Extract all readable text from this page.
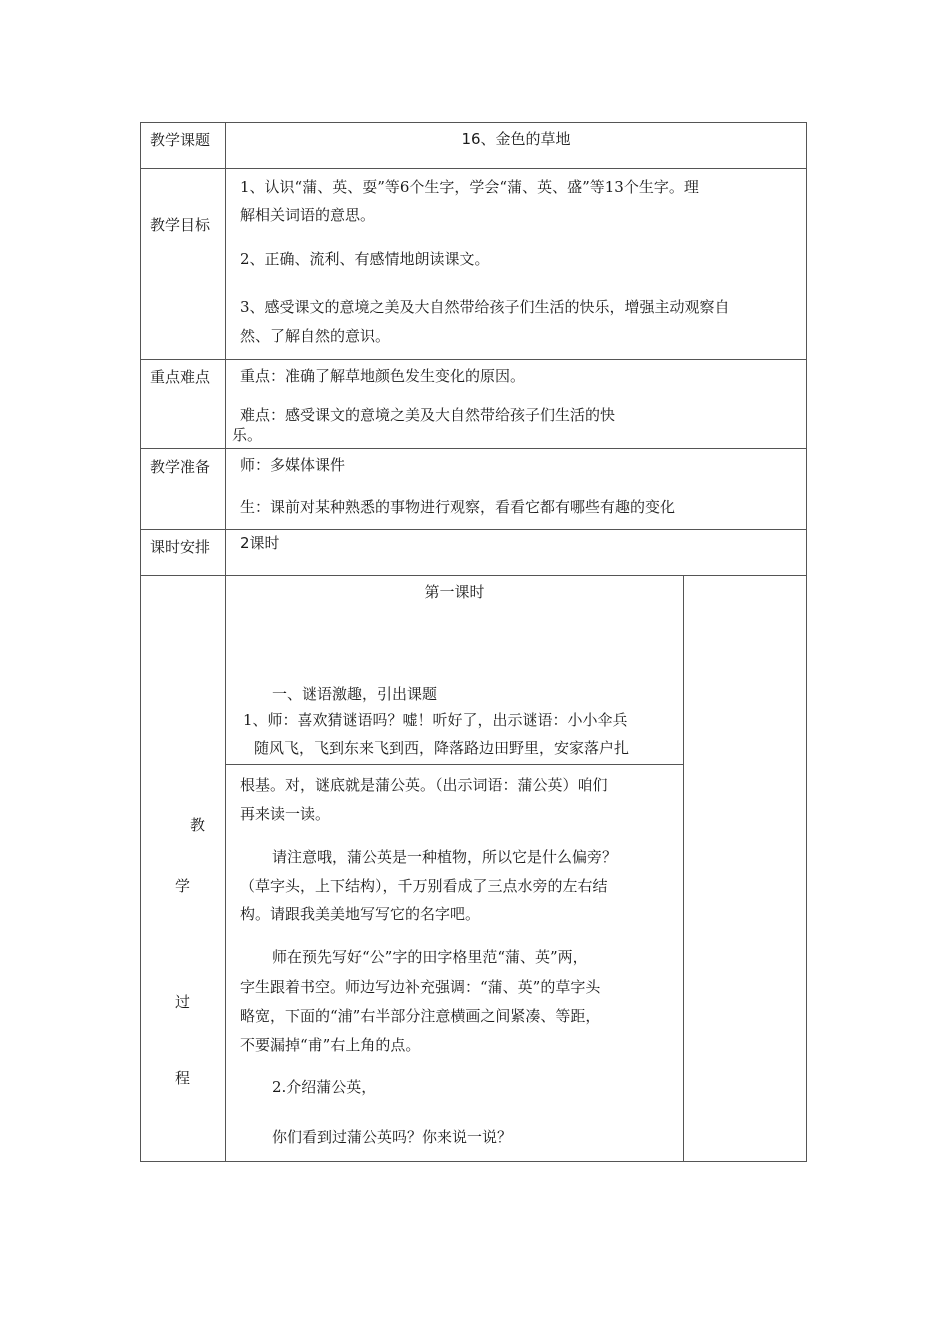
教学课题
教学目标
重点难点
教学准备
课时安排
教
学
过
程
16、金色的草地
1、认识“蒲、英、耍”等6个生字，学会“蒲、英、盛”等13个生字。理
解相关词语的意思。
2、正确、流利、有感情地朗读课文。
3、感受课文的意境之美及大自然带给孩子们生活的快乐，增强主动观察自
然、了解自然的意识。
重点：准确了解草地颜色发生变化的原因。
难点：感受课文的意境之美及大自然带给孩子们生活的快
乐。
师：多媒体课件
生：课前对某种熟悉的事物进行观察，看看它都有哪些有趣的变化
2课时
第一课时
一、谜语激趣，引出课题
1、师：喜欢猜谜语吗？嘘！听好了，出示谜语：小小伞兵
随风飞，飞到东来飞到西，降落路边田野里，安家落户扎
根基。对，谜底就是蒲公英。（出示词语：蒲公英）咱们
再来读一读。
请注意哦，蒲公英是一种植物，所以它是什么偏旁？
（草字头，上下结构），千万别看成了三点水旁的左右结
构。请跟我美美地写写它的名字吧。
师在预先写好“公”字的田字格里范“蒲、英”两，
字生跟着书空。师边写边补充强调：“蒲、英”的草字头
略宽，下面的“浦”右半部分注意横画之间紧凑、等距，
不要漏掉“甫”右上角的点。
2.介绍蒲公英，
你们看到过蒲公英吗？你来说一说？
